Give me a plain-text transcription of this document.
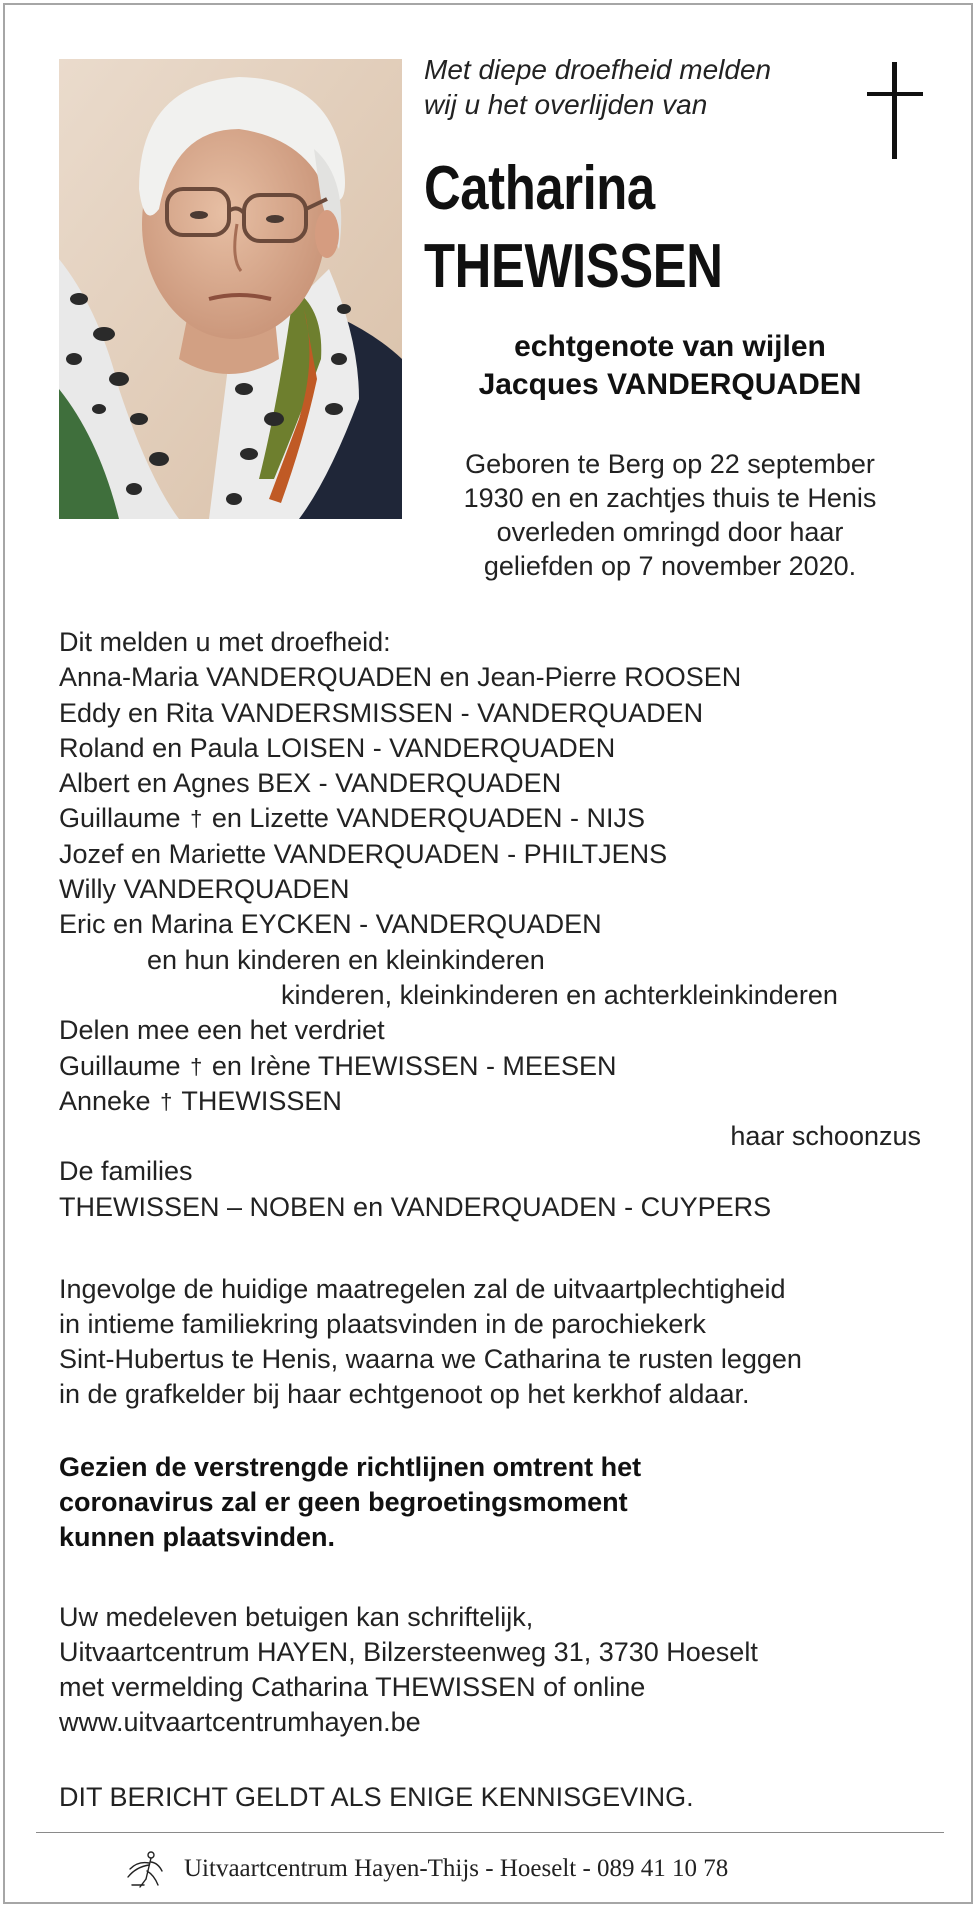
Met diepe droefheid melden
wij u het overlijden van
Catharina
THEWISSEN
echtgenote van wijlen
Jacques VANDERQUADEN

Geboren te Berg op 22 september

1930 en en zachtjes thuis te Henis

overleden omringd door haar

geliefden op 7 november 2020.

Dit melden u met droefheid:
Anna-Maria VANDERQUADEN en Jean-Pierre ROOSEN
Eddy en Rita VANDERSMISSEN - VANDERQUADEN
Roland en Paula LOISEN - VANDERQUADEN
Albert en Agnes BEX - VANDERQUADEN
Guillaume † en Lizette VANDERQUADEN - NIJS
Jozef en Mariette VANDERQUADEN - PHILTJENS
Willy VANDERQUADEN
Eric en Marina EYCKEN - VANDERQUADEN
en hun kinderen en kleinkinderen
kinderen, kleinkinderen en achterkleinkinderen
Delen mee een het verdriet
Guillaume † en Irène THEWISSEN - MEESEN
Anneke † THEWISSEN
haar schoonzus
De families
THEWISSEN – NOBEN en VANDERQUADEN - CUYPERS

Ingevolge de huidige maatregelen zal de uitvaartplechtigheid

in intieme familiekring plaatsvinden in de parochiekerk

Sint-Hubertus te Henis, waarna we Catharina te rusten leggen

in de grafkelder bij haar echtgenoot op het kerkhof aldaar.

Gezien de verstrengde richtlijnen omtrent het

coronavirus zal er geen begroetingsmoment

kunnen plaatsvinden.

Uw medeleven betuigen kan schriftelijk,

Uitvaartcentrum HAYEN, Bilzersteenweg 31, 3730 Hoeselt

met vermelding Catharina THEWISSEN of online

www.uitvaartcentrumhayen.be

DIT BERICHT GELDT ALS ENIGE KENNISGEVING.

Uitvaartcentrum Hayen-Thijs - Hoeselt - 089 41 10 78
